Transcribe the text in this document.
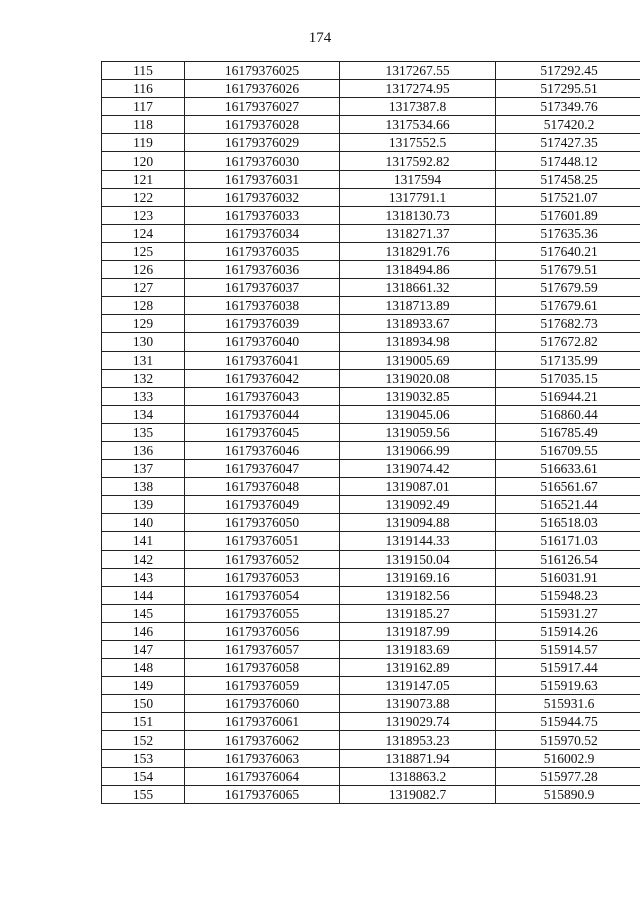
174
115	16179376025	1317267.55	517292.45
116	16179376026	1317274.95	517295.51
117	16179376027	1317387.8	517349.76
118	16179376028	1317534.66	517420.2
119	16179376029	1317552.5	517427.35
120	16179376030	1317592.82	517448.12
121	16179376031	1317594	517458.25
122	16179376032	1317791.1	517521.07
123	16179376033	1318130.73	517601.89
124	16179376034	1318271.37	517635.36
125	16179376035	1318291.76	517640.21
126	16179376036	1318494.86	517679.51
127	16179376037	1318661.32	517679.59
128	16179376038	1318713.89	517679.61
129	16179376039	1318933.67	517682.73
130	16179376040	1318934.98	517672.82
131	16179376041	1319005.69	517135.99
132	16179376042	1319020.08	517035.15
133	16179376043	1319032.85	516944.21
134	16179376044	1319045.06	516860.44
135	16179376045	1319059.56	516785.49
136	16179376046	1319066.99	516709.55
137	16179376047	1319074.42	516633.61
138	16179376048	1319087.01	516561.67
139	16179376049	1319092.49	516521.44
140	16179376050	1319094.88	516518.03
141	16179376051	1319144.33	516171.03
142	16179376052	1319150.04	516126.54
143	16179376053	1319169.16	516031.91
144	16179376054	1319182.56	515948.23
145	16179376055	1319185.27	515931.27
146	16179376056	1319187.99	515914.26
147	16179376057	1319183.69	515914.57
148	16179376058	1319162.89	515917.44
149	16179376059	1319147.05	515919.63
150	16179376060	1319073.88	515931.6
151	16179376061	1319029.74	515944.75
152	16179376062	1318953.23	515970.52
153	16179376063	1318871.94	516002.9
154	16179376064	1318863.2	515977.28
155	16179376065	1319082.7	515890.9
